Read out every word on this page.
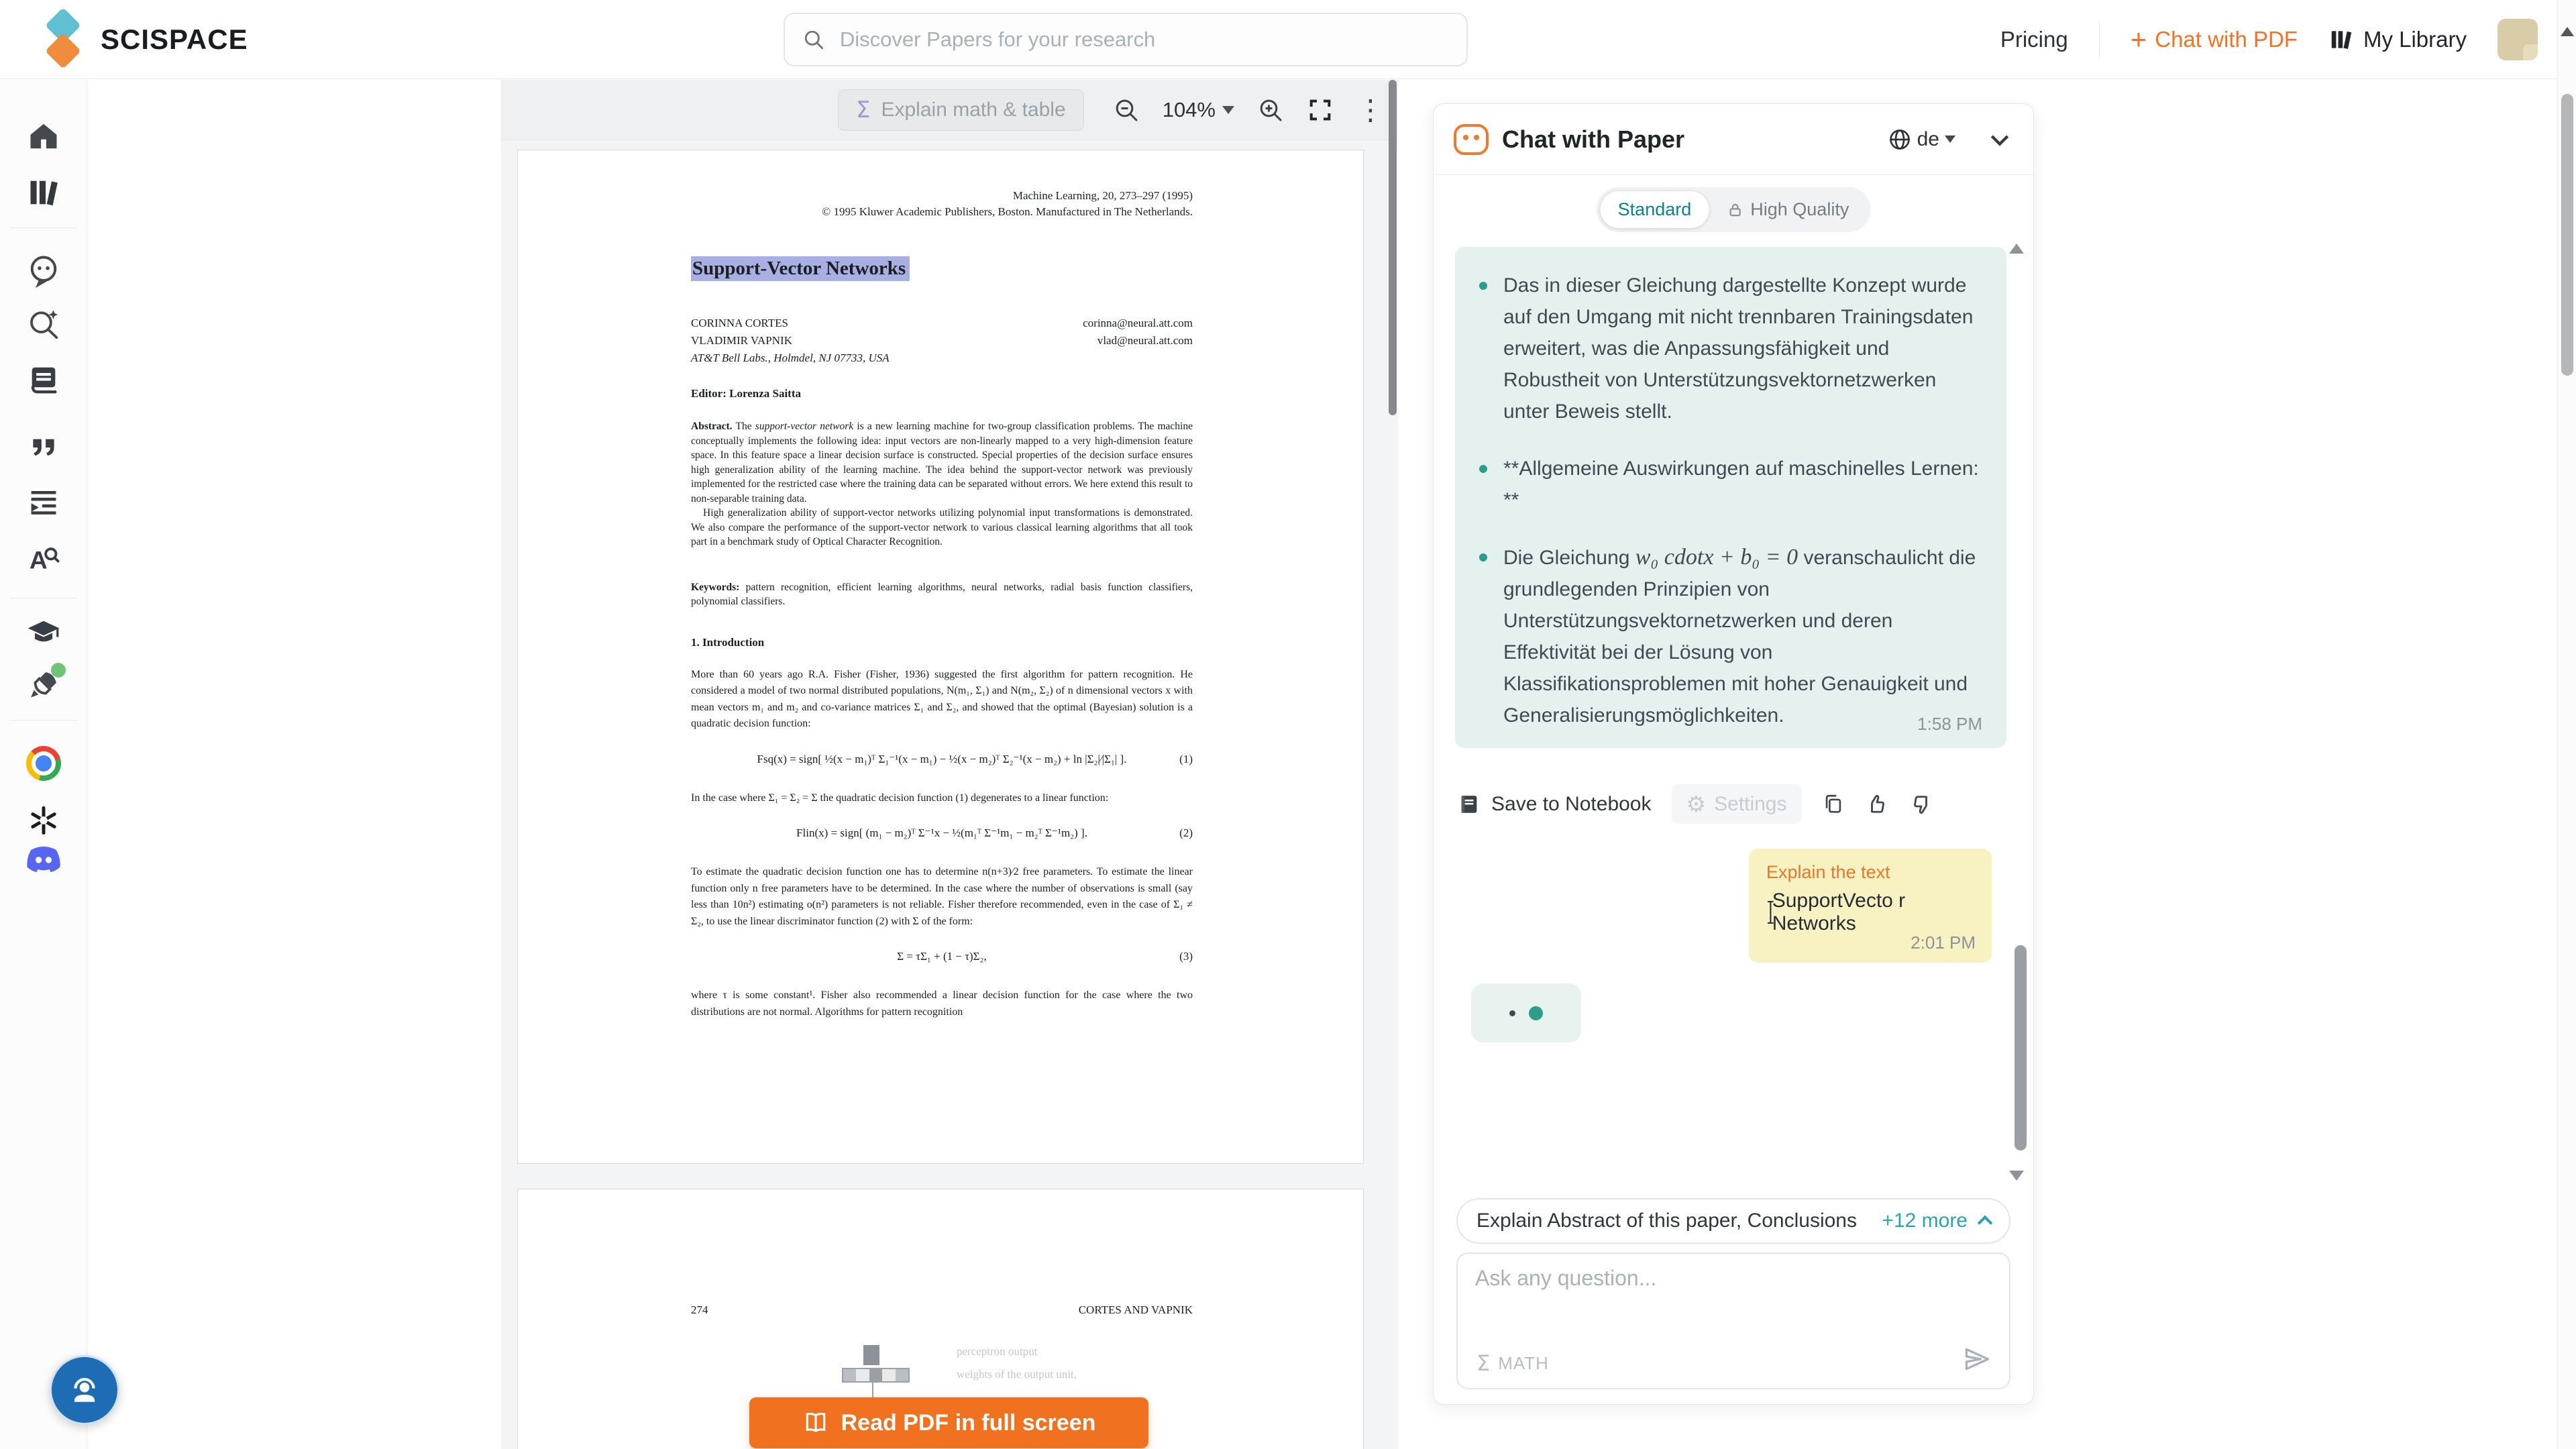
SCISPACE
Discover Papers for your research	Pricing + Chat with PDF	My Library
A
Σ Explain math & table	104%	⋮
Machine Learning, 20, 273–297 (1995)
© 1995 Kluwer Academic Publishers, Boston. Manufactured in The Netherlands.
Support-Vector Networks
CORINNA CORTES	corinna@neural.att.com
VLADIMIR VAPNIK	vlad@neural.att.com
AT&T Bell Labs., Holmdel, NJ 07733, USA
Editor: Lorenza Saitta

Abstract. The support-vector network is a new learning machine for two-group classification problems. The machine conceptually implements the following idea: input vectors are non-linearly mapped to a very high-dimension feature space. In this feature space a linear decision surface is constructed. Special properties of the decision surface ensures high generalization ability of the learning machine. The idea behind the support-vector network was previously implemented for the restricted case where the training data can be separated without errors. We here extend this result to non-separable training data.

High generalization ability of support-vector networks utilizing polynomial input transformations is demonstrated. We also compare the performance of the support-vector network to various classical learning algorithms that all took part in a benchmark study of Optical Character Recognition.

Keywords: pattern recognition, efficient learning algorithms, neural networks, radial basis function classifiers, polynomial classifiers.
1. Introduction

More than 60 years ago R.A. Fisher (Fisher, 1936) suggested the first algorithm for pattern recognition. He considered a model of two normal distributed populations, N(m₁, Σ₁) and N(m₂, Σ₂) of n dimensional vectors x with mean vectors m₁ and m₂ and co-variance matrices Σ₁ and Σ₂, and showed that the optimal (Bayesian) solution is a quadratic decision function:

Fsq(x) = sign[ ½(x − m₁)ᵀ Σ₁⁻¹(x − m₁) − ½(x − m₂)ᵀ Σ₂⁻¹(x − m₂) + ln |Σ₂|∕|Σ₁| ].	(1)

In the case where Σ₁ = Σ₂ = Σ the quadratic decision function (1) degenerates to a linear function:

Flin(x) = sign[ (m₁ − m₂)ᵀ Σ⁻¹x − ½(m₁ᵀ Σ⁻¹m₁ − m₂ᵀ Σ⁻¹m₂) ].	(2)

To estimate the quadratic decision function one has to determine n(n+3)∕2 free parameters. To estimate the linear function only n free parameters have to be determined. In the case where the number of observations is small (say less than 10n²) estimating o(n²) parameters is not reliable. Fisher therefore recommended, even in the case of Σ₁ ≠ Σ₂, to use the linear discriminator function (2) with Σ of the form:

Σ = τΣ₁ + (1 − τ)Σ₂,	(3)

where τ is some constant¹. Fisher also recommended a linear decision function for the case where the two distributions are not normal. Algorithms for pattern recognition

274	CORTES AND VAPNIK
perceptron output
weights of the output unit,
Read PDF in full screen
Chat with Paper	de
Standard	High Quality
Das in dieser Gleichung dargestellte Konzept wurde auf den Umgang mit nicht trennbaren Trainingsdaten erweitert, was die Anpassungsfähigkeit und Robustheit von Unterstützungsvektornetzwerken unter Beweis stellt.
**Allgemeine Auswirkungen auf maschinelles Lernen: **
Die Gleichung w₀ cdotx + b₀ = 0 veranschaulicht die grundlegenden Prinzipien von Unterstützungsvektornetzwerken und deren Effektivität bei der Lösung von Klassifikationsproblemen mit hoher Genauigkeit und Generalisierungsmöglichkeiten.	1:58 PM
Save to Notebook ⚙ Settings
Explain the text
SupportVecto r Networks
2:01 PM
Explain Abstract of this paper, Conclusions	+12 more
Ask any question...
Σ MATH
